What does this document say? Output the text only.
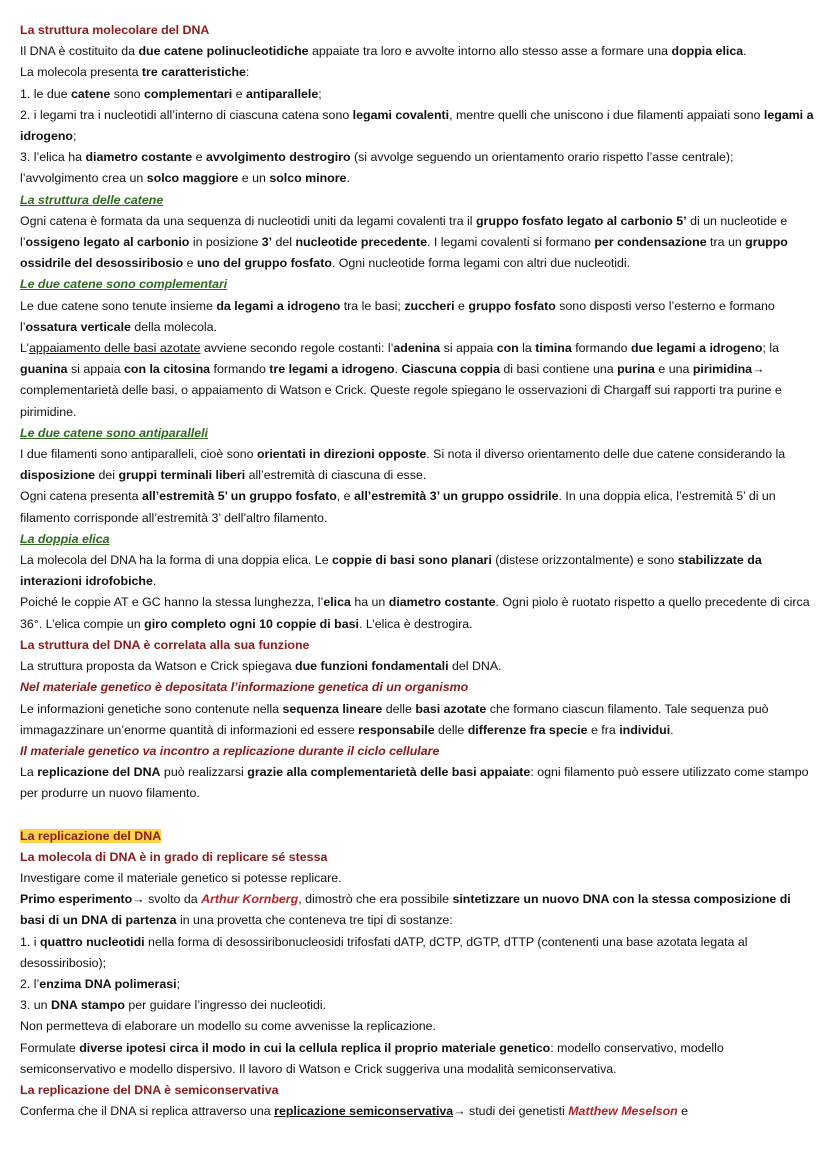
La struttura molecolare del DNA

Il DNA è costituito da due catene polinucleotidiche appaiate tra loro e avvolte intorno allo stesso asse a formare una doppia elica.

La molecola presenta tre caratteristiche:

1. le due catene sono complementari e antiparallele;

2. i legami tra i nucleotidi all’interno di ciascuna catena sono legami covalenti, mentre quelli che uniscono i due filamenti appaiati sono legami a idrogeno;

3. l’elica ha diametro costante e avvolgimento destrogiro (si avvolge seguendo un orientamento orario rispetto l’asse centrale); l’avvolgimento crea un solco maggiore e un solco minore.

La struttura delle catene

Ogni catena è formata da una sequenza di nucleotidi uniti da legami covalenti tra il gruppo fosfato legato al carbonio 5’ di un nucleotide e l’ossigeno legato al carbonio in posizione 3’ del nucleotide precedente. I legami covalenti si formano per condensazione tra un gruppo ossidrile del desossiribosio e uno del gruppo fosfato. Ogni nucleotide forma legami con altri due nucleotidi.

Le due catene sono complementari

Le due catene sono tenute insieme da legami a idrogeno tra le basi; zuccheri e gruppo fosfato sono disposti verso l’esterno e formano l’ossatura verticale della molecola.

L’appaiamento delle basi azotate avviene secondo regole costanti: l’adenina si appaia con la timina formando due legami a idrogeno; la guanina si appaia con la citosina formando tre legami a idrogeno. Ciascuna coppia di basi contiene una purina e una pirimidina→ complementarietà delle basi, o appaiamento di Watson e Crick. Queste regole spiegano le osservazioni di Chargaff sui rapporti tra purine e pirimidine.

Le due catene sono antiparallelі

I due filamenti sono antiparalleli, cioè sono orientati in direzioni opposte. Si nota il diverso orientamento delle due catene considerando la disposizione dei gruppi terminali liberi all’estremità di ciascuna di esse.

Ogni catena presenta all’estremità 5’ un gruppo fosfato, e all’estremità 3’ un gruppo ossidrile. In una doppia elica, l’estremità 5’ di un filamento corrisponde all’estremità 3’ dell’altro filamento.

La doppia elica

La molecola del DNA ha la forma di una doppia elica. Le coppie di basi sono planari (distese orizzontalmente) e sono stabilizzate da interazioni idrofobiche.

Poiché le coppie AT e GC hanno la stessa lunghezza, l’elica ha un diametro costante. Ogni piolo è ruotato rispetto a quello precedente di circa 36°. L’elica compie un giro completo ogni 10 coppie di basi. L’elica è destrogira.

La struttura del DNA è correlata alla sua funzione

La struttura proposta da Watson e Crick spiegava due funzioni fondamentali del DNA.

Nel materiale genetico è depositata l’informazione genetica di un organismo

Le informazioni genetiche sono contenute nella sequenza lineare delle basi azotate che formano ciascun filamento. Tale sequenza può immagazzinare un’enorme quantità di informazioni ed essere responsabile delle differenze fra specie e fra individui.

Il materiale genetico va incontro a replicazione durante il ciclo cellulare

La replicazione del DNA può realizzarsi grazie alla complementarietà delle basi appaiate: ogni filamento può essere utilizzato come stampo per produrre un nuovo filamento.

La replicazione del DNA

La molecola di DNA è in grado di replicare sé stessa

Investigare come il materiale genetico si potesse replicare.

Primo esperimento→ svolto da Arthur Kornberg, dimostrò che era possibile sintetizzare un nuovo DNA con la stessa composizione di basi di un DNA di partenza in una provetta che conteneva tre tipi di sostanze:

1. i quattro nucleotidi nella forma di desossiribonucleosidi trifosfati dATP, dCTP, dGTP, dTTP (contenenti una base azotata legata al desossiribosio);

2. l’enzima DNA polimerasi;

3. un DNA stampo per guidare l’ingresso dei nucleotidi.

Non permetteva di elaborare un modello su come avvenisse la replicazione.

Formulate diverse ipotesi circa il modo in cui la cellula replica il proprio materiale genetico: modello conservativo, modello semiconservativo e modello dispersivo. Il lavoro di Watson e Crick suggeriva una modalità semiconservativa.

La replicazione del DNA è semiconservativa

Conferma che il DNA si replica attraverso una replicazione semiconservativa→ studi dei genetisti Matthew Meselson e
